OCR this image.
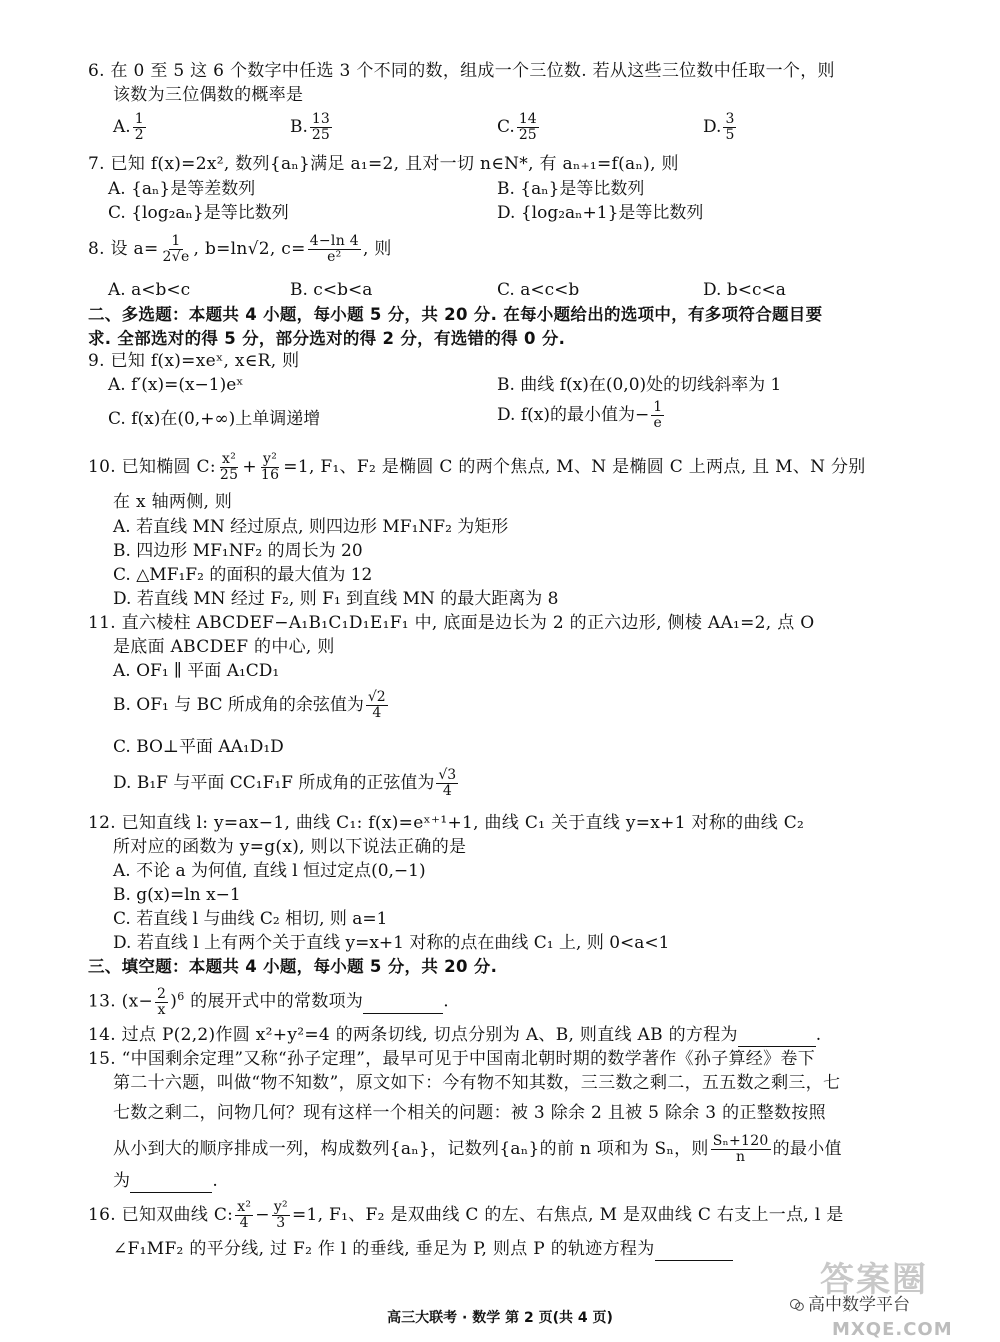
6. 在 0 至 5 这 6 个数字中任选 3 个不同的数，组成一个三位数. 若从这些三位数中任取一个，则
该数为三位偶数的概率是
A. $\frac{1}{2}$	B. $\frac{13}{25}$	C. $\frac{14}{25}$	D. $\frac{3}{5}$
7. 已知 f(x)=2x², 数列{aₙ}满足 a₁=2, 且对一切 n∈N*, 有 aₙ₊₁=f(aₙ), 则
A. {aₙ}是等差数列	B. {aₙ}是等比数列
C. {log₂aₙ}是等比数列	D. {log₂aₙ+1}是等比数列
8. 设 $a= \frac{1}{2√e}$ , b=ln√2, $c= \frac{4-\ln 4}{\text{e²}}$ , 则
A. a<b<c	B. c<b<a	C. a<c<b	D. b<c<a
二、多选题：本题共 4 小题，每小题 5 分，共 20 分. 在每小题给出的选项中，有多项符合题目要
求. 全部选对的得 5 分，部分选对的得 2 分，有选错的得 0 分.
9. 已知 f(x)=xeˣ, x∈R, 则
A. f′(x)=(x−1)eˣ	B. 曲线 f(x)在(0,0)处的切线斜率为 1
C. f(x)在(0,+∞)上单调递增	D. f(x)的最小值为− $\frac{1}{e}$
10. 已知椭圆 C: $\frac{\text{x²}}{25} + \frac{\text{y²}}{16} =1$, F₁、F₂ 是椭圆 C 的两个焦点, M、N 是椭圆 C 上两点, 且 M、N 分别
在 x 轴两侧, 则
A. 若直线 MN 经过原点, 则四边形 MF₁NF₂ 为矩形
B. 四边形 MF₁NF₂ 的周长为 20
C. △MF₁F₂ 的面积的最大值为 12
D. 若直线 MN 经过 F₂, 则 F₁ 到直线 MN 的最大距离为 8
11. 直六棱柱 ABCDEF−A₁B₁C₁D₁E₁F₁ 中, 底面是边长为 2 的正六边形, 侧棱 AA₁=2, 点 O
是底面 ABCDEF 的中心, 则
A. OF₁ ∥ 平面 A₁CD₁
B. OF₁ 与 BC 所成角的余弦值为 $\frac{√2}{4}$
C. BO⊥平面 AA₁D₁D
D. B₁F 与平面 CC₁F₁F 所成角的正弦值为 $\frac{√3}{4}$
12. 已知直线 l: y=ax−1, 曲线 C₁: f(x)=eˣ⁺¹+1, 曲线 C₁ 关于直线 y=x+1 对称的曲线 C₂
所对应的函数为 y=g(x), 则以下说法正确的是
A. 不论 a 为何值, 直线 l 恒过定点(0,−1)
B. g(x)=ln x−1
C. 若直线 l 与曲线 C₂ 相切, 则 a=1
D. 若直线 l 上有两个关于直线 y=x+1 对称的点在曲线 C₁ 上, 则 0<a<1
三、填空题：本题共 4 小题，每小题 5 分，共 20 分.
13. $(x- \frac{2}{x} )^6$ 的展开式中的常数项为	.
14. 过点 P(2,2)作圆 x²+y²=4 的两条切线, 切点分别为 A、B, 则直线 AB 的方程为	.
15. “中国剩余定理”又称“孙子定理”，最早可见于中国南北朝时期的数学著作《孙子算经》卷下
第二十六题，叫做“物不知数”，原文如下：今有物不知其数，三三数之剩二，五五数之剩三，七
七数之剩二，问物几何？现有这样一个相关的问题：被 3 除余 2 且被 5 除余 3 的正整数按照
从小到大的顺序排成一列，构成数列{aₙ}，记数列{aₙ}的前 n 项和为 Sₙ，则 $\frac{\text{Sₙ+120}}{n}$ 的最小值
为	.
16. 已知双曲线 C: $\frac{\text{x²}}{4} - \frac{\text{y²}}{3} =1$, F₁、F₂ 是双曲线 C 的左、右焦点, M 是双曲线 C 右支上一点, l 是
∠F₁MF₂ 的平分线, 过 F₂ 作 l 的垂线, 垂足为 P, 则点 P 的轨迹方程为
答案圈
高中数学平台
MXQE.COM
高三大联考 · 数学 第 2 页(共 4 页)
